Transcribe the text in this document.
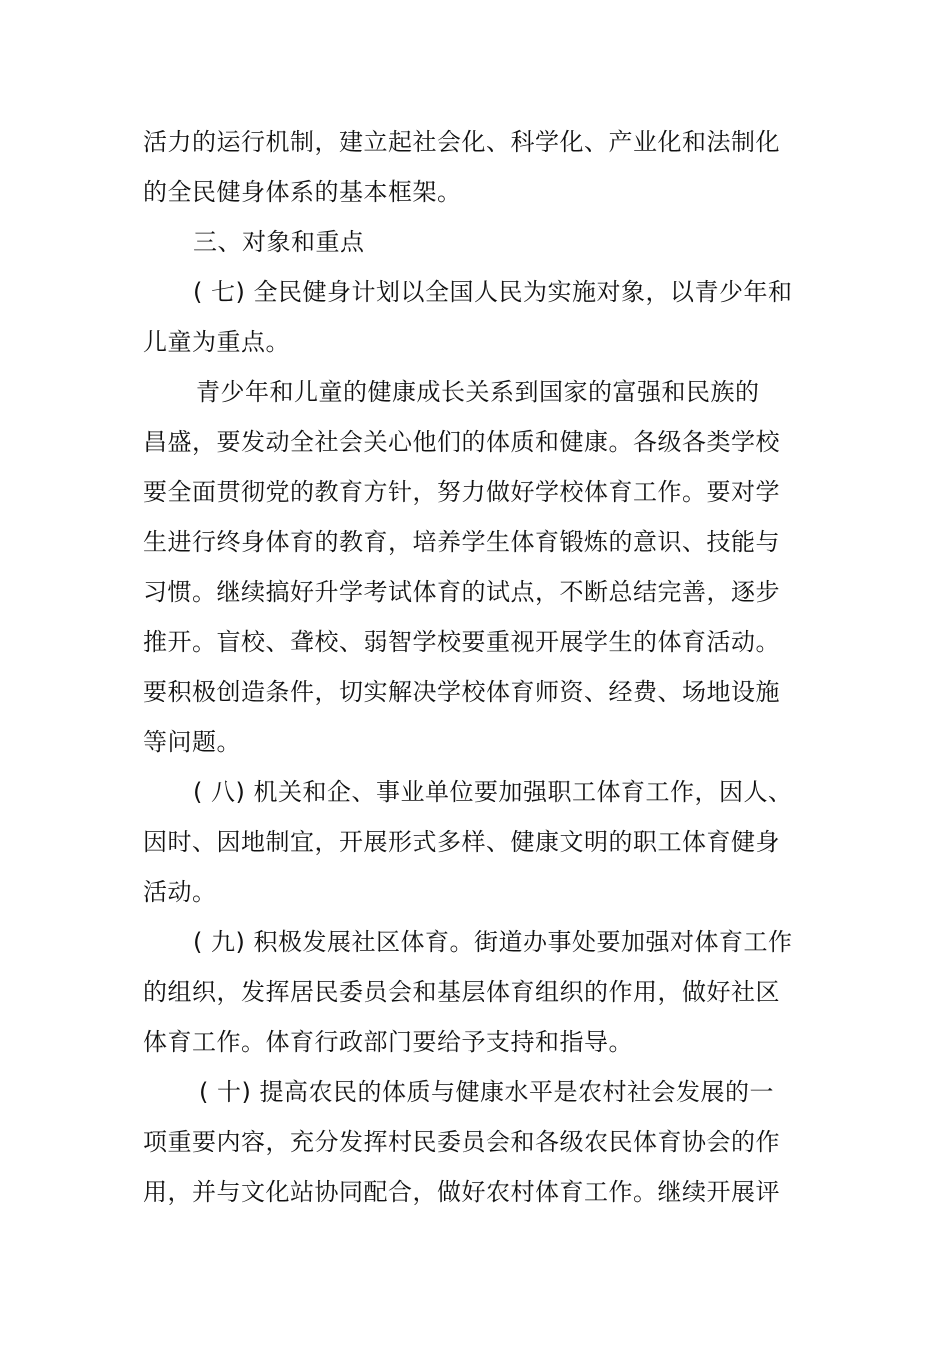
活力的运行机制，建立起社会化、科学化、产业化和法制化
的全民健身体系的基本框架。
三、对象和重点
( 七) 全民健身计划以全国人民为实施对象，以青少年和
儿童为重点。
青少年和儿童的健康成长关系到国家的富强和民族的
昌盛，要发动全社会关心他们的体质和健康。各级各类学校
要全面贯彻党的教育方针，努力做好学校体育工作。要对学
生进行终身体育的教育，培养学生体育锻炼的意识、技能与
习惯。继续搞好升学考试体育的试点，不断总结完善，逐步
推开。盲校、聋校、弱智学校要重视开展学生的体育活动。
要积极创造条件，切实解决学校体育师资、经费、场地设施
等问题。
( 八) 机关和企、事业单位要加强职工体育工作，因人、
因时、因地制宜，开展形式多样、健康文明的职工体育健身
活动。
( 九) 积极发展社区体育。街道办事处要加强对体育工作
的组织，发挥居民委员会和基层体育组织的作用，做好社区
体育工作。体育行政部门要给予支持和指导。
( 十) 提高农民的体质与健康水平是农村社会发展的一
项重要内容，充分发挥村民委员会和各级农民体育协会的作
用，并与文化站协同配合，做好农村体育工作。继续开展评
